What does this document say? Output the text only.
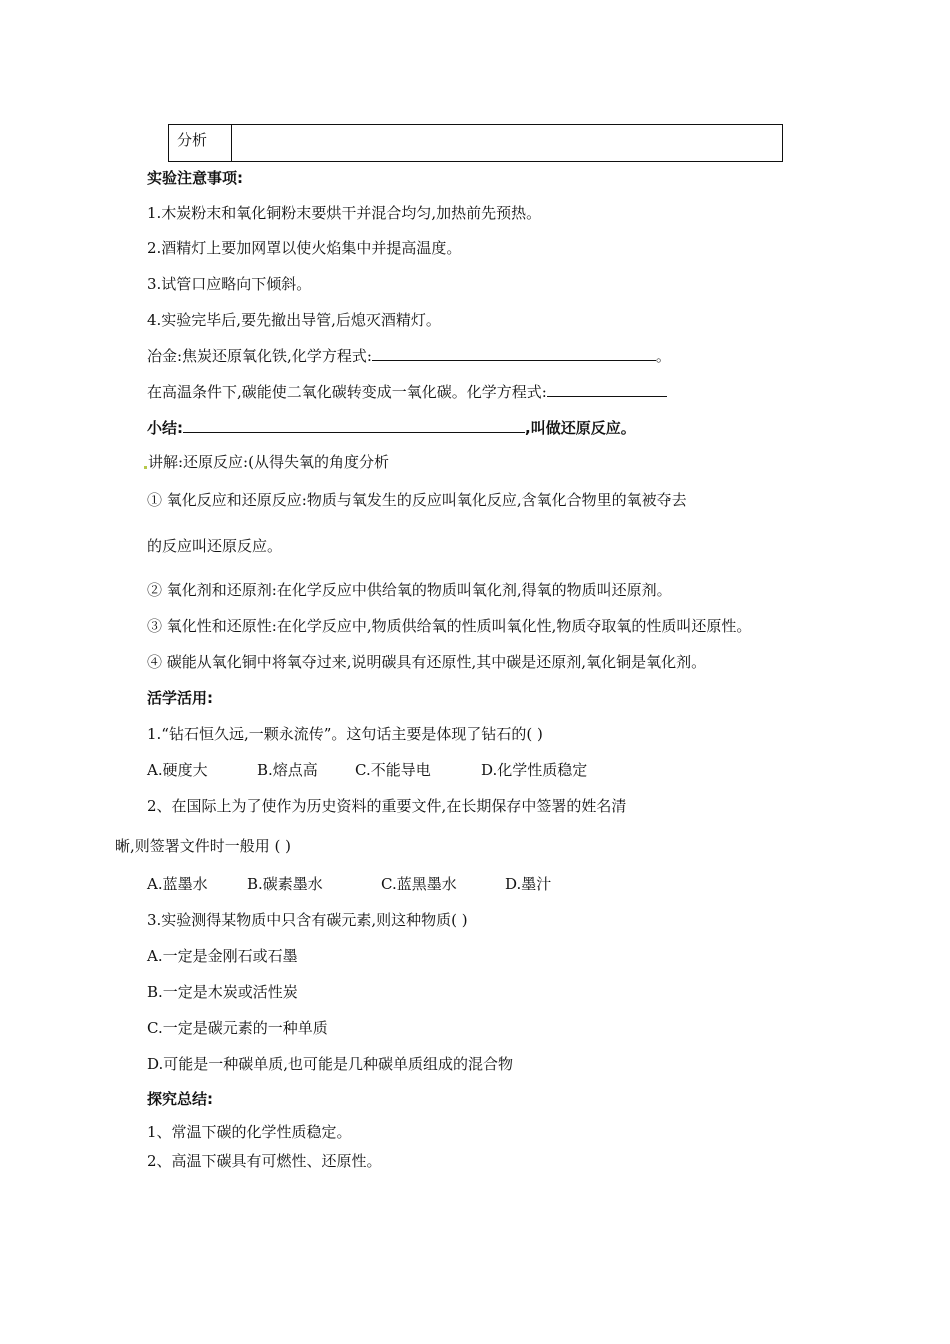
分析	
实验注意事项:
1.木炭粉末和氧化铜粉末要烘干并混合均匀,加热前先预热。
2.酒精灯上要加网罩以使火焰集中并提高温度。
3.试管口应略向下倾斜。
4.实验完毕后,要先撤出导管,后熄灭酒精灯。
冶金:焦炭还原氧化铁,化学方程式:	。
在高温条件下,碳能使二氧化碳转变成一氧化碳。化学方程式:
小结:	,叫做还原反应。
讲解:还原反应:(从得失氧的角度分析
① 氧化反应和还原反应:物质与氧发生的反应叫氧化反应,含氧化合物里的氧被夺去
的反应叫还原反应。
② 氧化剂和还原剂:在化学反应中供给氧的物质叫氧化剂,得氧的物质叫还原剂。
③ 氧化性和还原性:在化学反应中,物质供给氧的性质叫氧化性,物质夺取氧的性质叫还原性。
④ 碳能从氧化铜中将氧夺过来,说明碳具有还原性,其中碳是还原剂,氧化铜是氧化剂。
活学活用:
1.“钻石恒久远,一颗永流传”。这句话主要是体现了钻石的( )
A.硬度大	B.熔点高 C.不能导电	D.化学性质稳定
2、在国际上为了使作为历史资料的重要文件,在长期保存中签署的姓名清
晰,则签署文件时一般用 ( )
A.蓝墨水	B.碳素墨水	C.蓝黑墨水	D.墨汁
3.实验测得某物质中只含有碳元素,则这种物质( )
A.一定是金刚石或石墨
B.一定是木炭或活性炭
C.一定是碳元素的一种单质
D.可能是一种碳单质,也可能是几种碳单质组成的混合物
探究总结:
1、常温下碳的化学性质稳定。
2、高温下碳具有可燃性、还原性。
